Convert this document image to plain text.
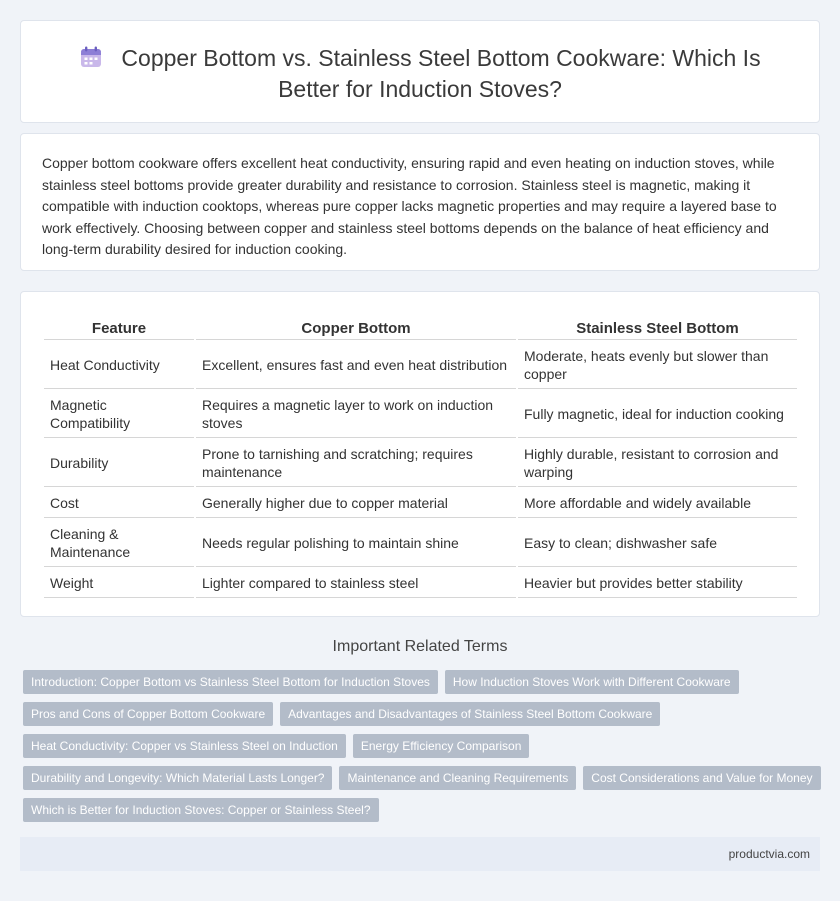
Copper Bottom vs. Stainless Steel Bottom Cookware: Which Is
Better for Induction Stoves?

Copper bottom cookware offers excellent heat conductivity, ensuring rapid and even heating on induction stoves, while stainless steel bottoms provide greater durability and resistance to corrosion. Stainless steel is magnetic, making it compatible with induction cooktops, whereas pure copper lacks magnetic properties and may require a layered base to work effectively. Choosing between copper and stainless steel bottoms depends on the balance of heat efficiency and long-term durability desired for induction cooking.

Feature	Copper Bottom	Stainless Steel Bottom
Heat Conductivity	Excellent, ensures fast and even heat distribution	Moderate, heats evenly but slower than copper
Magnetic Compatibility	Requires a magnetic layer to work on induction stoves	Fully magnetic, ideal for induction cooking
Durability	Prone to tarnishing and scratching; requires maintenance	Highly durable, resistant to corrosion and warping
Cost	Generally higher due to copper material	More affordable and widely available
Cleaning & Maintenance	Needs regular polishing to maintain shine	Easy to clean; dishwasher safe
Weight	Lighter compared to stainless steel	Heavier but provides better stability
Important Related Terms
Introduction: Copper Bottom vs Stainless Steel Bottom for Induction Stoves	How Induction Stoves Work with Different Cookware
Pros and Cons of Copper Bottom Cookware	Advantages and Disadvantages of Stainless Steel Bottom Cookware
Heat Conductivity: Copper vs Stainless Steel on Induction	Energy Efficiency Comparison
Durability and Longevity: Which Material Lasts Longer?	Maintenance and Cleaning Requirements	Cost Considerations and Value for Money
Which is Better for Induction Stoves: Copper or Stainless Steel?
productvia.com
